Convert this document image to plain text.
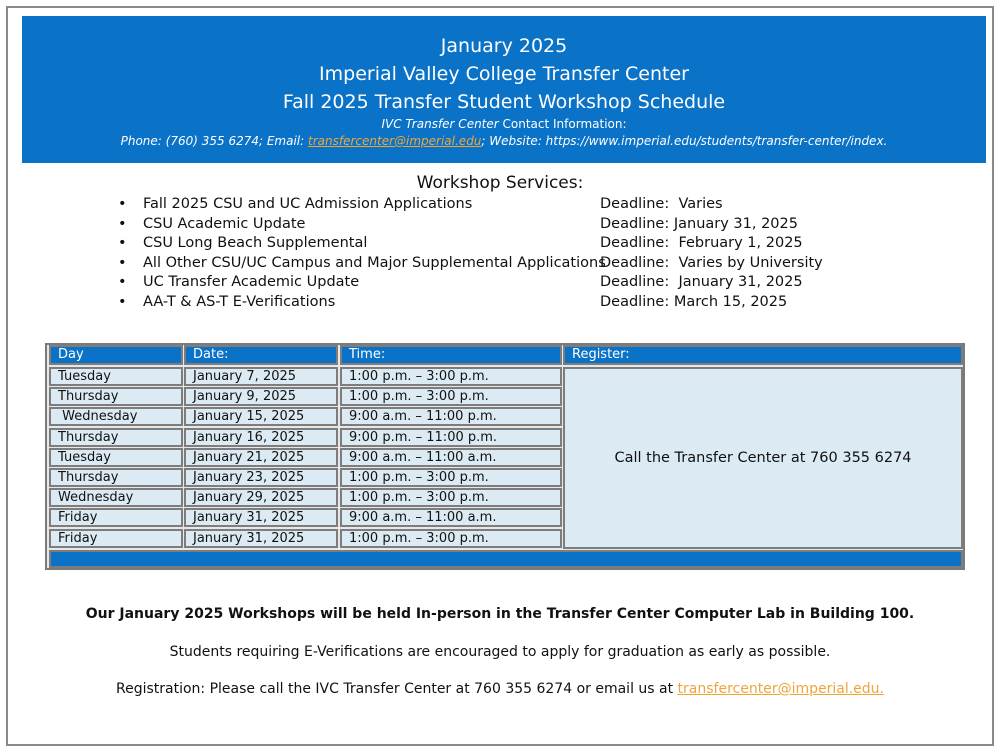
January 2025
Imperial Valley College Transfer Center
Fall 2025 Transfer Student Workshop Schedule
IVC Transfer Center Contact Information:
Phone: (760) 355 6274; Email: transfercenter@imperial.edu; Website: https://www.imperial.edu/students/transfer-center/index.
Workshop Services:
•	Fall 2025 CSU and UC Admission Applications	Deadline:  Varies
•	CSU Academic Update	Deadline: January 31, 2025
•	CSU Long Beach Supplemental	Deadline:  February 1, 2025
•	All Other CSU/UC Campus and Major Supplemental Applications
Deadline:  Varies by University
•	UC Transfer Academic Update	Deadline:  January 31, 2025
•	AA-T & AS-T E-Verifications	Deadline: March 15, 2025
Day	Date:	Time:	Register:
Call the Transfer Center at 760 355 6274
Tuesday	January 7, 2025	1:00 p.m. – 3:00 p.m.
Thursday	January 9, 2025	1:00 p.m. – 3:00 p.m.
Wednesday	January 15, 2025	9:00 a.m. – 11:00 p.m.
Thursday	January 16, 2025	9:00 p.m. – 11:00 p.m.
Tuesday	January 21, 2025	9:00 a.m. – 11:00 a.m.
Thursday	January 23, 2025	1:00 p.m. – 3:00 p.m.
Wednesday	January 29, 2025	1:00 p.m. – 3:00 p.m.
Friday	January 31, 2025	9:00 a.m. – 11:00 a.m.
Friday	January 31, 2025	1:00 p.m. – 3:00 p.m.
Our January 2025 Workshops will be held In-person in the Transfer Center Computer Lab in Building 100.
Students requiring E-Verifications are encouraged to apply for graduation as early as possible.
Registration: Please call the IVC Transfer Center at 760 355 6274 or email us at transfercenter@imperial.edu.
